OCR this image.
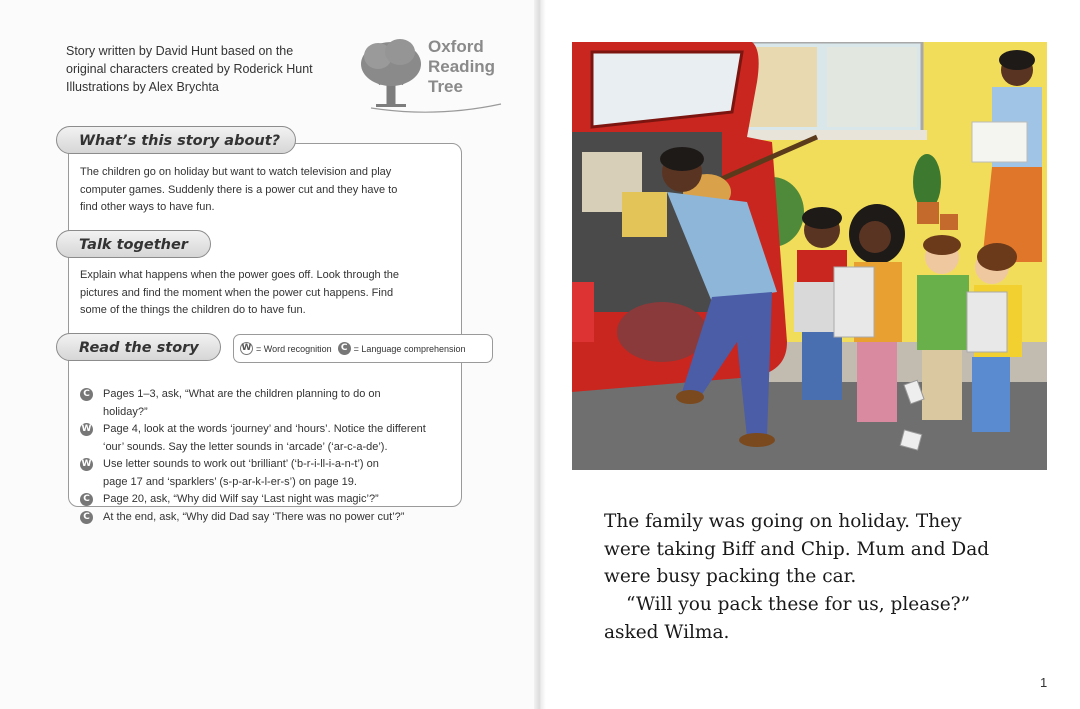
Story written by David Hunt based on the
original characters created by Roderick Hunt
Illustrations by Alex Brychta
Oxford
Reading
Tree
What’s this story about?
The children go on holiday but want to watch television and play
computer games. Suddenly there is a power cut and they have to
find other ways to have fun.
Talk together
Explain what happens when the power goes off. Look through the
pictures and find the moment when the power cut happens. Find
some of the things the children do to have fun.
Read the story	W = Word recognition	C = Language comprehension
C Pages 1–3, ask, “What are the children planning to do on
holiday?”
W Page 4, look at the words ‘journey’ and ‘hours’. Notice the different
‘our’ sounds. Say the letter sounds in ‘arcade’ (‘ar-c-a-de’).
W Use letter sounds to work out ‘brilliant’ (‘b-r-i-ll-i-a-n-t’) on
page 17 and ‘sparklers’ (s-p-ar-k-l-er-s’) on page 19.
C Page 20, ask, “Why did Wilf say ‘Last night was magic’?”
C At the end, ask, “Why did Dad say ‘There was no power cut’?”	The family was going on holiday. They
were taking Biff and Chip. Mum and Dad
were busy packing the car.
“Will you pack these for us, please?”
asked Wilma.
1
